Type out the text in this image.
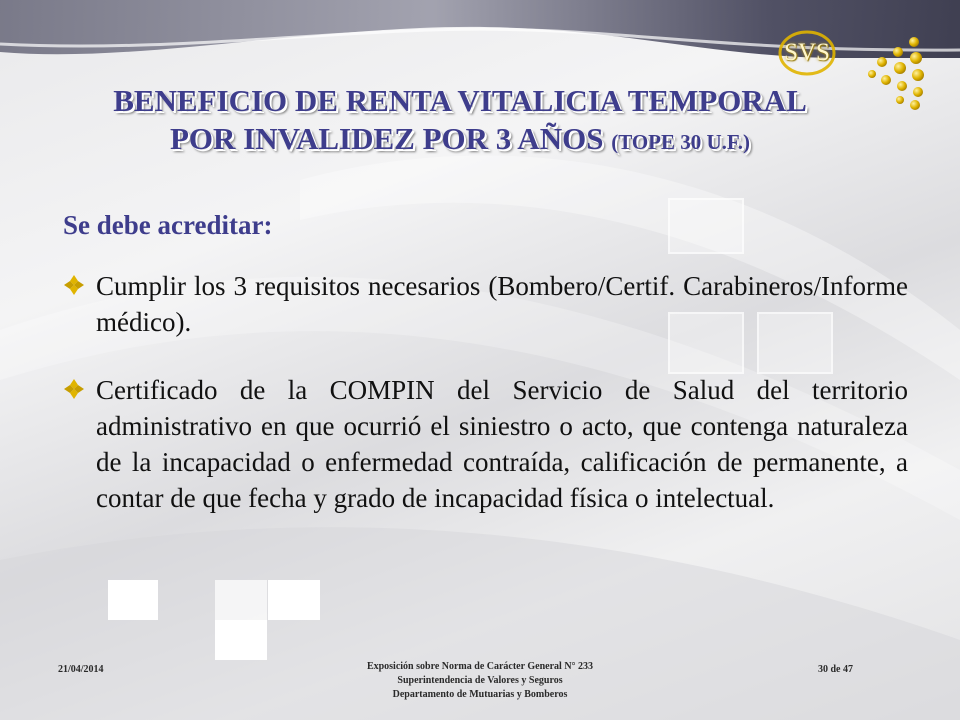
SVS
BENEFICIO DE RENTA VITALICIA TEMPORAL
POR INVALIDEZ POR 3 AÑOS (TOPE 30 U.F.)
Se debe acreditar:
Cumplir los 3 requisitos necesarios (Bombero/Certif. Carabineros/Informe médico).
Certificado de la COMPIN del Servicio de Salud del territorio administrativo en que ocurrió el siniestro o acto, que contenga naturaleza de la incapacidad o enfermedad contraída, calificación de permanente, a contar de que fecha y grado de incapacidad física o intelectual.
21/04/2014	Exposición sobre Norma de Carácter General N° 233
Superintendencia de Valores y Seguros
Departamento de Mutuarias y Bomberos
30 de 47
